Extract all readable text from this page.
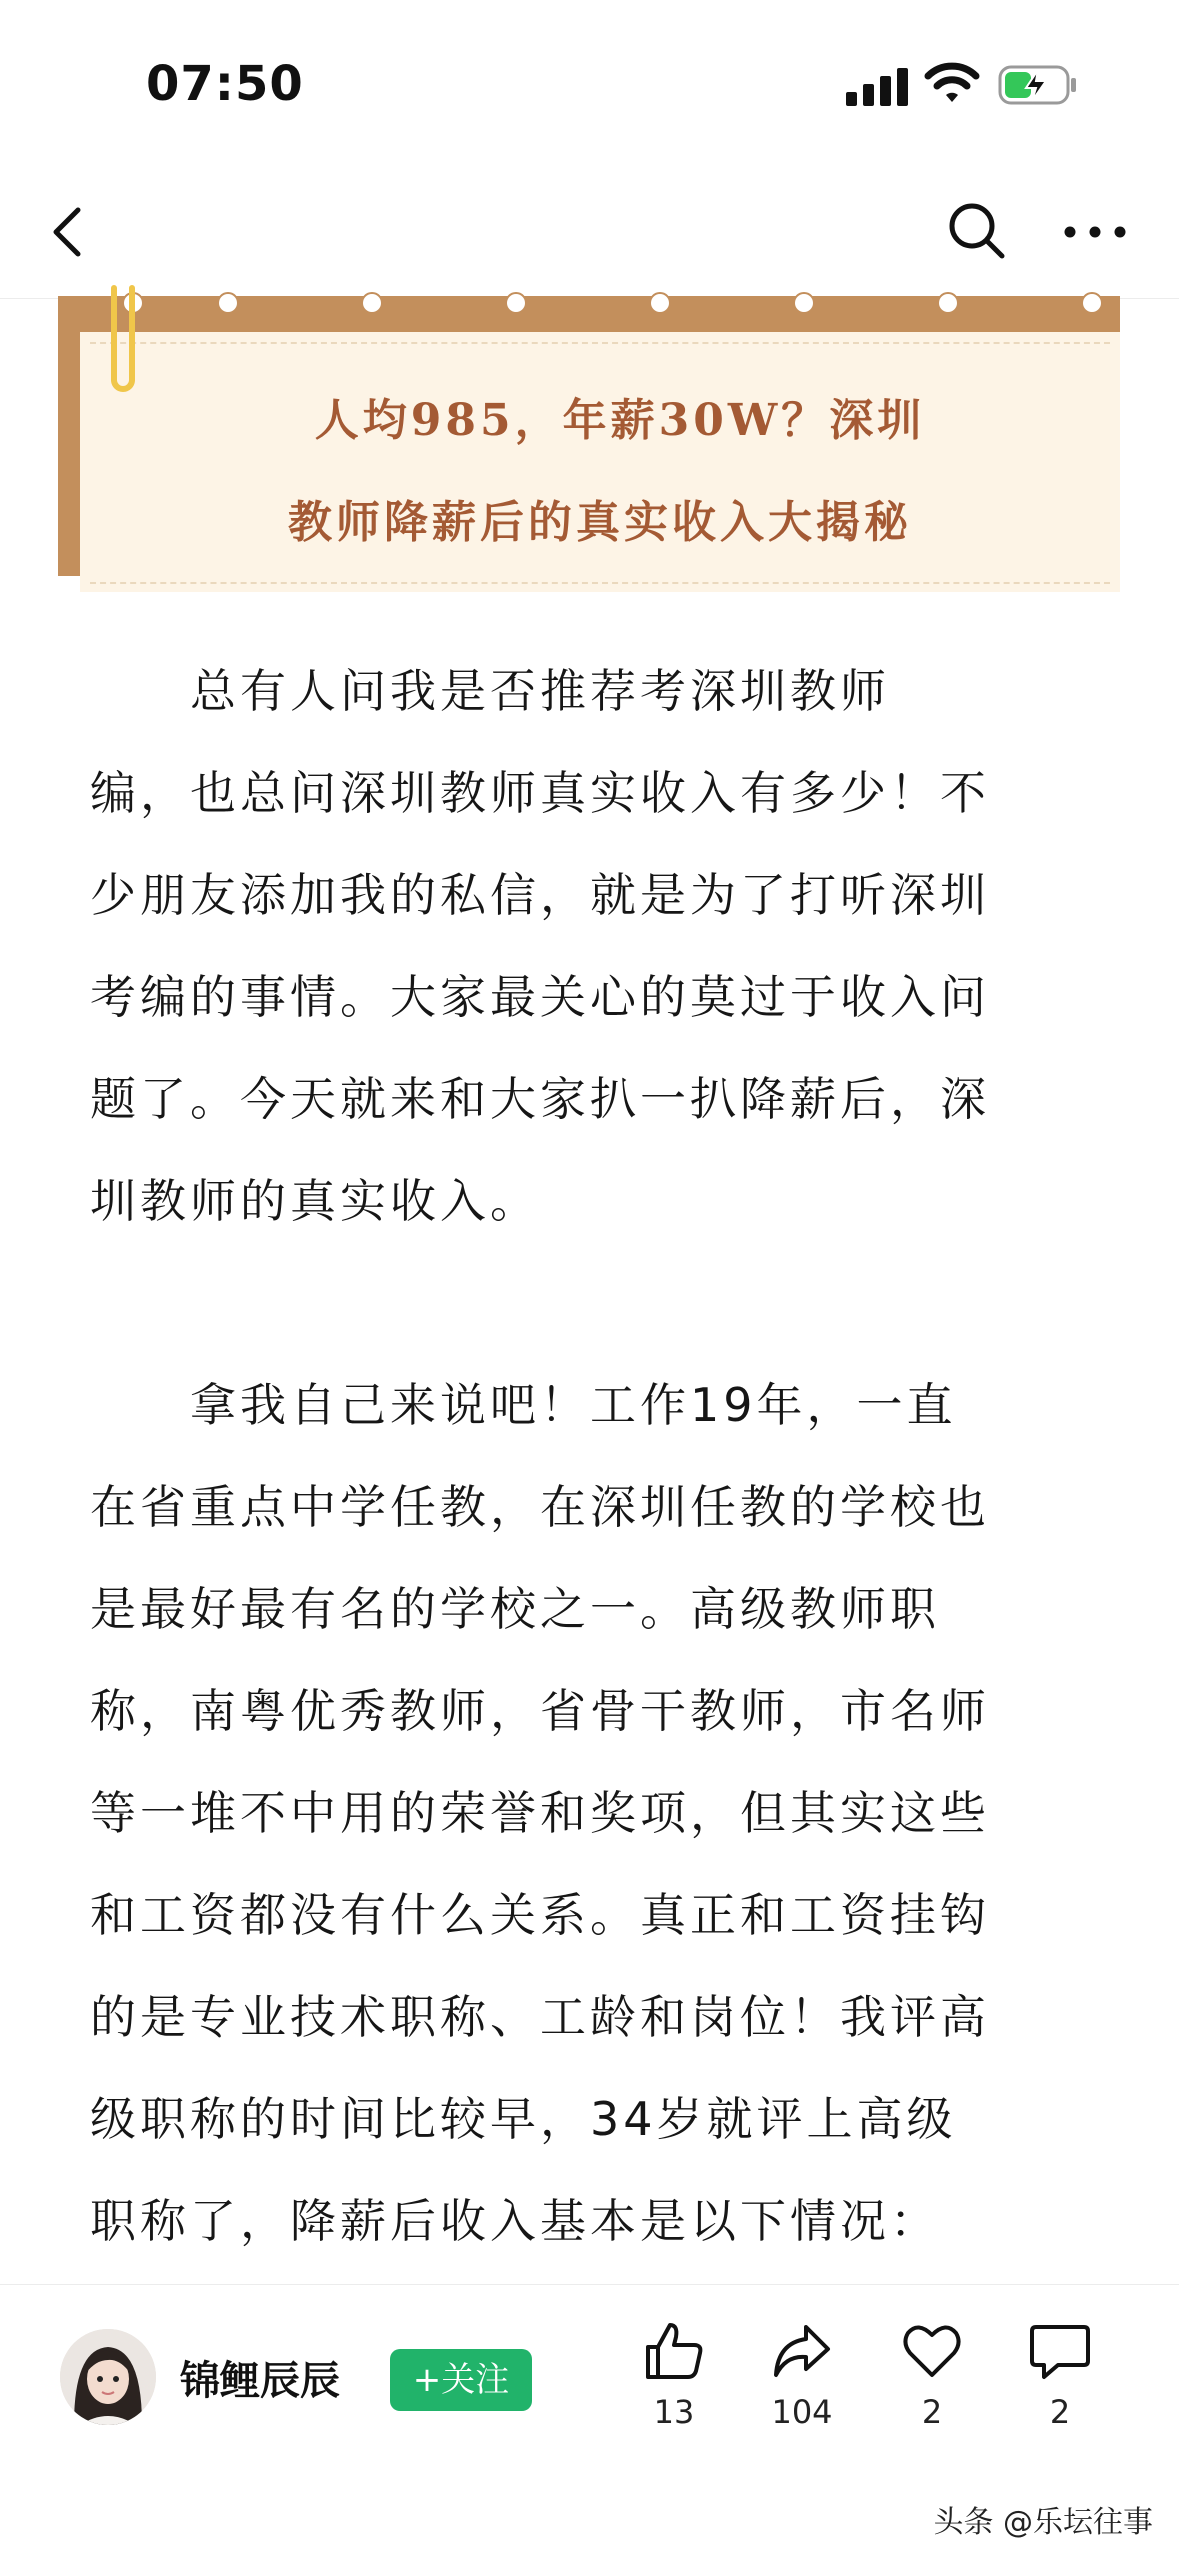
07:50
人均985，年薪30W？深圳
教师降薪后的真实收入大揭秘

　　总有人问我是否推荐考深圳教师
编，也总问深圳教师真实收入有多少！不
少朋友添加我的私信，就是为了打听深圳
考编的事情。大家最关心的莫过于收入问
题了。今天就来和大家扒一扒降薪后，深
圳教师的真实收入。

　　拿我自己来说吧！工作19年，一直
在省重点中学任教，在深圳任教的学校也
是最好最有名的学校之一。高级教师职
称，南粤优秀教师，省骨干教师，市名师
等一堆不中用的荣誉和奖项，但其实这些
和工资都没有什么关系。真正和工资挂钩
的是专业技术职称、工龄和岗位！我评高
级职称的时间比较早，34岁就评上高级
职称了，降薪后收入基本是以下情况：

锦鲤辰辰	+关注
13	104	2	2
头条 @乐坛往事
